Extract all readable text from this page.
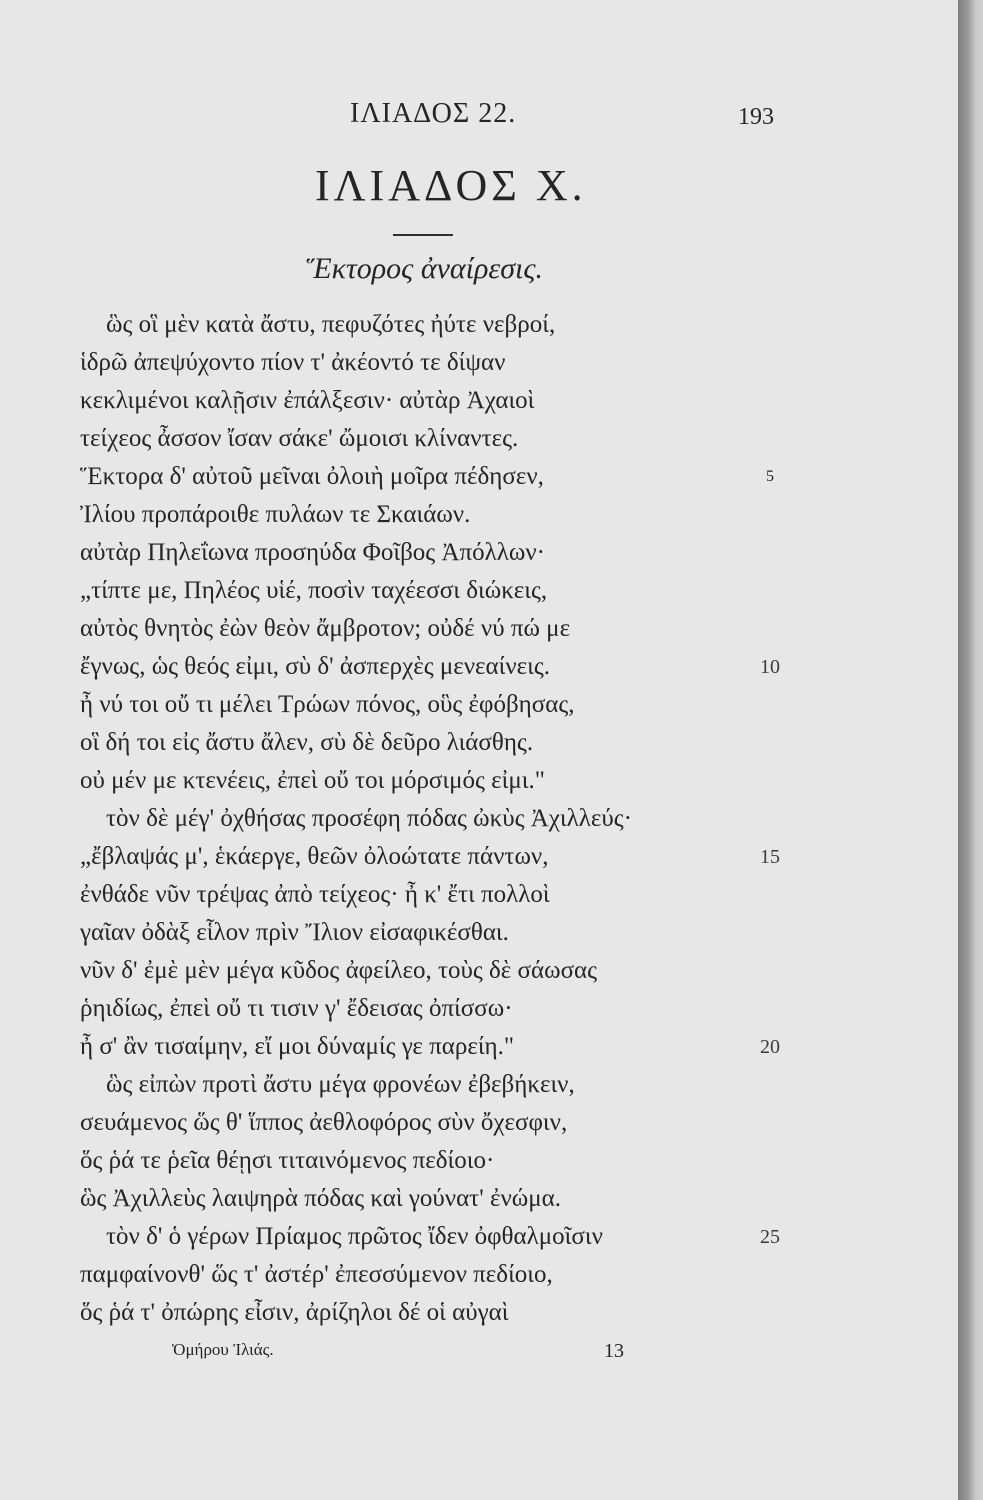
ΙΛΙΑΔΟΣ 22.	193
ΙΛΙΑΔΟΣ Χ.
Ἕκτορος ἀναίρεσις.
ὣς οἳ μὲν κατὰ ἄστυ, πεφυζότες ἠύτε νεβροί,
ἱδρῶ ἀπεψύχοντο πίον τ' ἀκέοντό τε δίψαν
κεκλιμένοι καλῇσιν ἐπάλξεσιν· αὐτὰρ Ἀχαιοὶ
τείχεος ἆσσον ἴσαν σάκε' ὤμοισι κλίναντες.
Ἕκτορα δ' αὐτοῦ μεῖναι ὀλοιὴ μοῖρα πέδησεν,	5
Ἰλίου προπάροιθε πυλάων τε Σκαιάων.
αὐτὰρ Πηλεΐωνα προσηύδα Φοῖβος Ἀπόλλων·
„τίπτε με, Πηλέος υἱέ, ποσὶν ταχέεσσι διώκεις,
αὐτὸς θνητὸς ἐὼν θεὸν ἄμβροτον; οὐδέ νύ πώ με
ἔγνως, ὡς θεός εἰμι, σὺ δ' ἀσπερχὲς μενεαίνεις.	10
ἦ νύ τοι οὔ τι μέλει Τρώων πόνος, οὓς ἐφόβησας,
οἳ δή τοι εἰς ἄστυ ἄλεν, σὺ δὲ δεῦρο λιάσθης.
οὐ μέν με κτενέεις, ἐπεὶ οὔ τοι μόρσιμός εἰμι."
τὸν δὲ μέγ' ὀχθήσας προσέφη πόδας ὠκὺς Ἀχιλλεύς·
„ἔβλαψάς μ', ἑκάεργε, θεῶν ὀλοώτατε πάντων,	15
ἐνθάδε νῦν τρέψας ἀπὸ τείχεος· ἦ κ' ἔτι πολλοὶ
γαῖαν ὀδὰξ εἷλον πρὶν Ἴλιον εἰσαφικέσθαι.
νῦν δ' ἐμὲ μὲν μέγα κῦδος ἀφείλεο, τοὺς δὲ σάωσας
ῥηιδίως, ἐπεὶ οὔ τι τισιν γ' ἔδεισας ὀπίσσω·
ἦ σ' ἂν τισαίμην, εἴ μοι δύναμίς γε παρείη."	20
ὣς εἰπὼν προτὶ ἄστυ μέγα φρονέων ἐβεβήκειν,
σευάμενος ὥς θ' ἵππος ἀεθλοφόρος σὺν ὄχεσφιν,
ὅς ῥά τε ῥεῖα θέῃσι τιταινόμενος πεδίοιο·
ὣς Ἀχιλλεὺς λαιψηρὰ πόδας καὶ γούνατ' ἐνώμα.
τὸν δ' ὁ γέρων Πρίαμος πρῶτος ἴδεν ὀφθαλμοῖσιν	25
παμφαίνονθ' ὥς τ' ἀστέρ' ἐπεσσύμενον πεδίοιο,
ὅς ῥά τ' ὀπώρης εἶσιν, ἀρίζηλοι δέ οἱ αὐγαὶ
Ὁμήρου Ἰλιάς.	13
